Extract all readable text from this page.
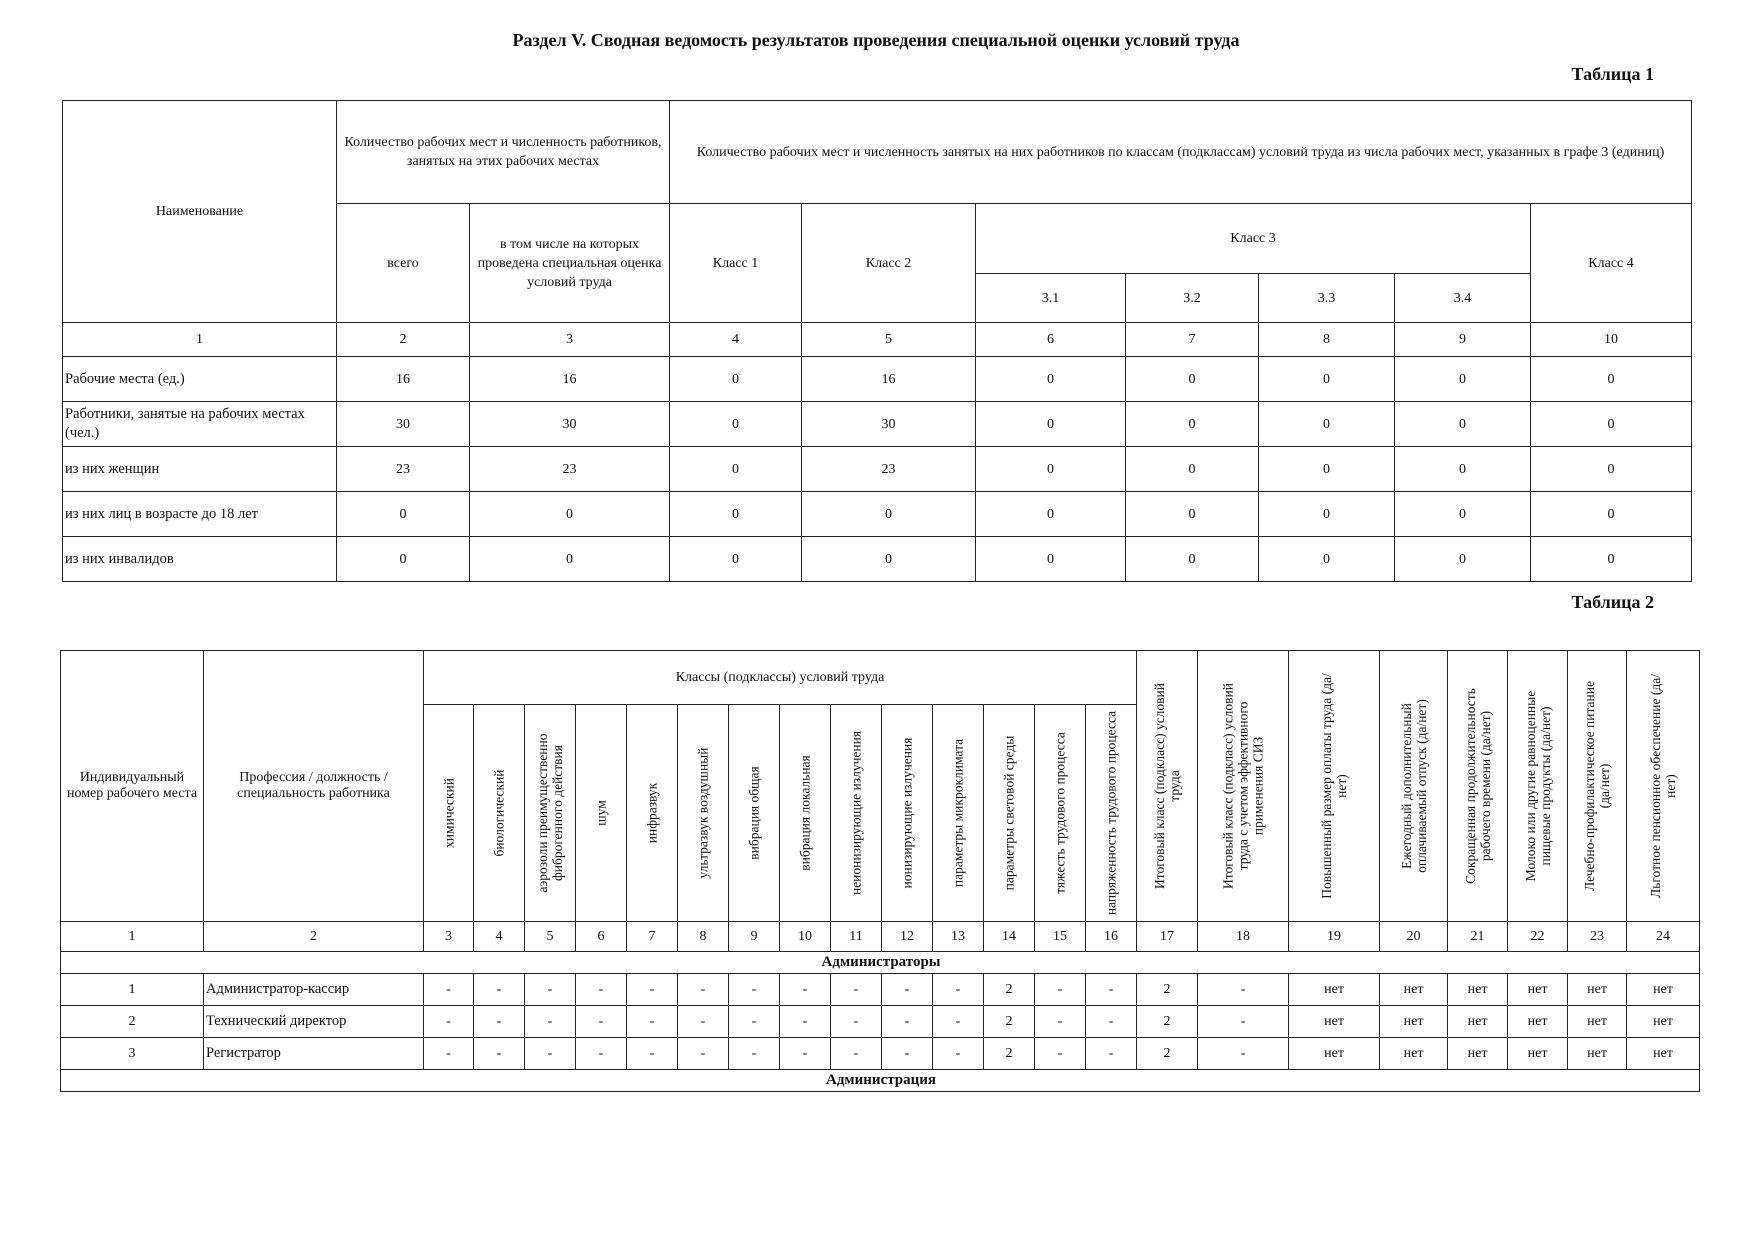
Раздел V. Сводная ведомость результатов проведения специальной оценки условий труда
Таблица 1
Наименование	Количество рабочих мест и численность работников, занятых на этих рабочих местах		Количество рабочих мест и численность занятых на них работников по классам (подклассам) условий труда из числа рабочих мест, указанных в графе 3 (единиц)						
	всего	в том числе на которых проведена специальная оценка условий труда	Класс 1	Класс 2	Класс 3				Класс 4
					3.1	3.2	3.3	3.4	
1	2	3	4	5	6	7	8	9	10
Рабочие места (ед.)	16	16	0	16	0	0	0	0	0
Работники, занятые на рабочих местах (чел.)	30	30	0	30	0	0	0	0	0
из них женщин	23	23	0	23	0	0	0	0	0
из них лиц в возрасте до 18 лет	0	0	0	0	0	0	0	0	0
из них инвалидов	0	0	0	0	0	0	0	0	0
Таблица 2
Индивидуальный номер рабочего места	Профессия / должность / специальность работника	Классы (подклассы) условий труда														Итоговый класс (подкласс) условий труда	Итоговый класс (подкласс) условий труда с учетом эффективного применения СИЗ	Повышенный размер оплаты труда (да/нет)	Ежегодный дополнительный оплачиваемый отпуск (да/нет)	Сокращенная продолжительность рабочего времени (да/нет)	Молоко или другие равноценные пищевые продукты (да/нет)	Лечебно-профилактическое питание (да/нет)	Льготное пенсионное обеспечение (да/нет)

		химический	биологический	аэрозоли преимущественно фиброгенного действия	шум	инфразвук	ультразвук воздушный	вибрация общая	вибрация локальная	неионизирующие излучения	ионизирующие излучения	параметры микроклимата	параметры световой среды	тяжесть трудового процесса	напряженность трудового процесса								

1	2	3	4	5	6	7	8	9	10	11	12	13	14	15	16	17	18	19	20	21	22	23	24
Администраторы																							
1	Администратор-кассир	-	-	-	-	-	-	-	-	-	-	-	2	-	-	2	-	нет	нет	нет	нет	нет	нет
2	Технический директор	-	-	-	-	-	-	-	-	-	-	-	2	-	-	2	-	нет	нет	нет	нет	нет	нет
3	Регистратор	-	-	-	-	-	-	-	-	-	-	-	2	-	-	2	-	нет	нет	нет	нет	нет	нет
Администрация																							
